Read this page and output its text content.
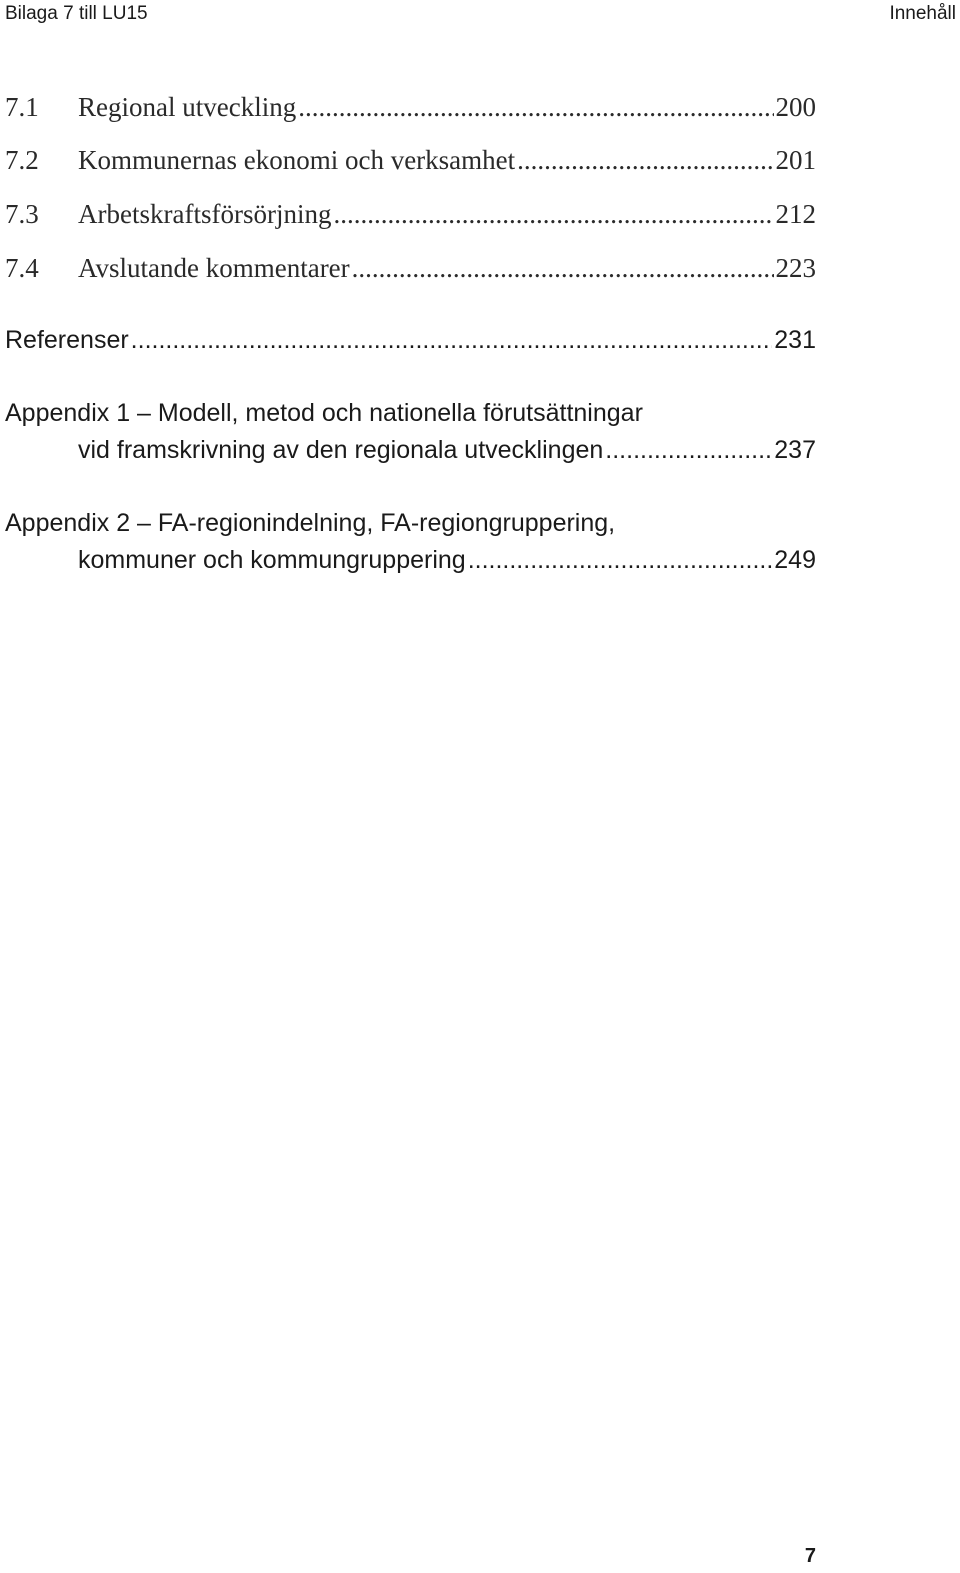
Bilaga 7 till LU15	Innehåll
7.1	Regional utveckling .....	200
7.2	Kommunernas ekonomi och verksamhet .....	201
7.3	Arbetskraftsförsörjning .....	212
7.4	Avslutande kommentarer .....	223
Referenser .....	231
Appendix 1 – Modell, metod och nationella förutsättningar
vid framskrivning av den regionala utvecklingen .....	237
Appendix 2 – FA-regionindelning, FA-regiongruppering,
kommuner och kommungruppering .....	249
7
